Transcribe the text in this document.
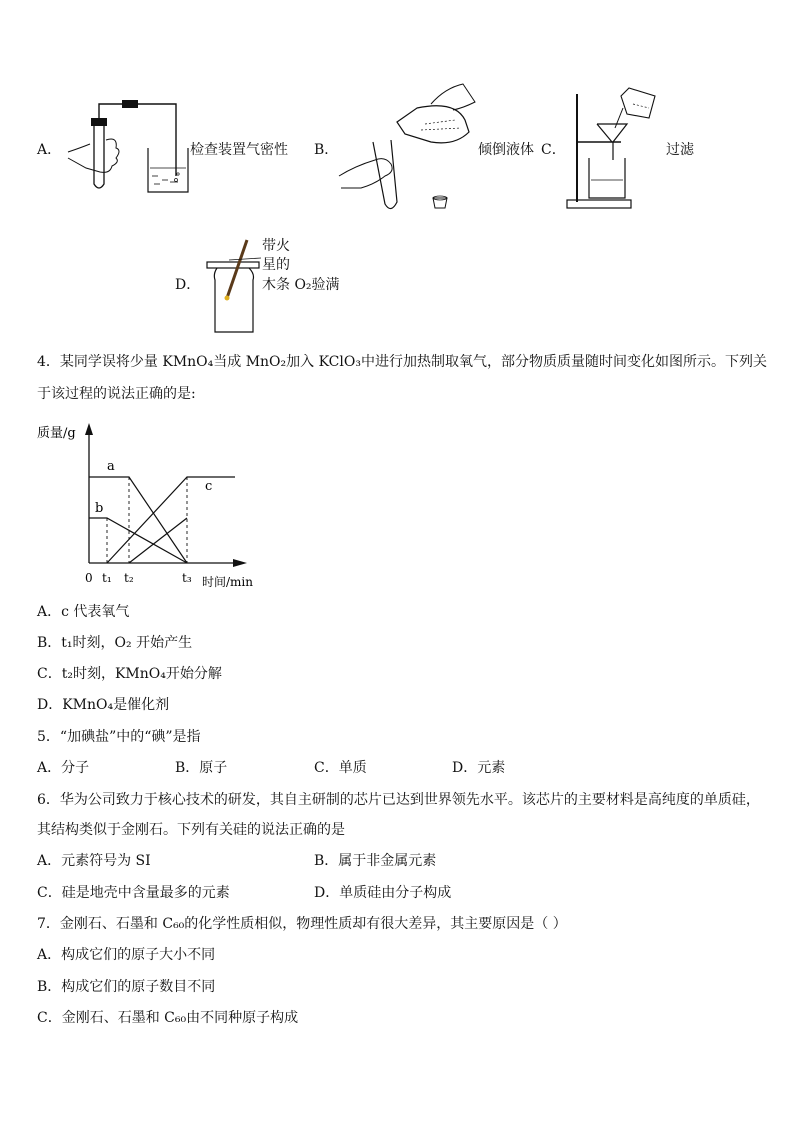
A．	检查装置气密性 B．	倾倒液体 C．	过滤
D．
带火
星的
木条 O₂验满
4．某同学误将少量 KMnO₄当成 MnO₂加入 KClO₃中进行加热制取氧气，部分物质质量随时间变化如图所示。下列关
于该过程的说法正确的是:
质量/g
时间/min
0 t₁ t₂	t₃
a
b
c
A．c 代表氧气
B．t₁时刻，O₂ 开始产生
C．t₂时刻，KMnO₄开始分解
D．KMnO₄是催化剂
5．“加碘盐”中的“碘”是指
A．分子	B．原子	C．单质	D．元素
6．华为公司致力于核心技术的研发，其自主研制的芯片已达到世界领先水平。该芯片的主要材料是高纯度的单质硅，
其结构类似于金刚石。下列有关硅的说法正确的是
A．元素符号为 SI	B．属于非金属元素
C．硅是地壳中含量最多的元素	D．单质硅由分子构成
7．金刚石、石墨和 C₆₀的化学性质相似，物理性质却有很大差异，其主要原因是（ ）
A．构成它们的原子大小不同
B．构成它们的原子数目不同
C．金刚石、石墨和 C₆₀由不同种原子构成
